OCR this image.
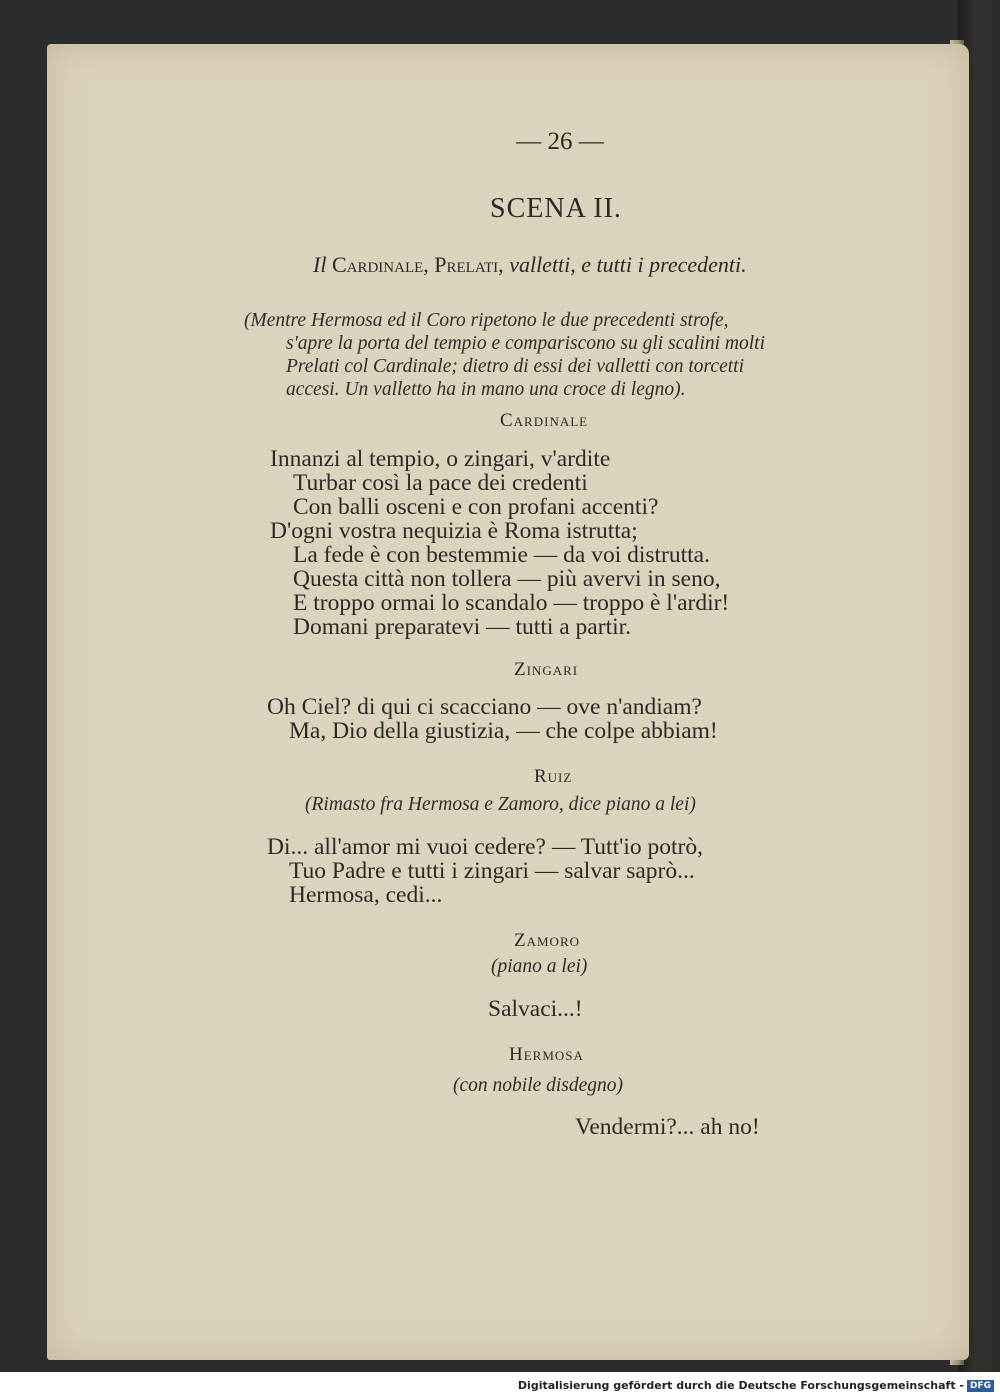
— 26 —
SCENA II.
Il Cardinale, Prelati, valletti, e tutti i precedenti.
(Mentre Hermosa ed il Coro ripetono le due precedenti strofe,
s'apre la porta del tempio e compariscono su gli scalini molti
Prelati col Cardinale; dietro di essi dei valletti con torcetti
accesi. Un valletto ha in mano una croce di legno).
Cardinale
Innanzi al tempio, o zingari, v'ardite
Turbar così la pace dei credenti
Con balli osceni e con profani accenti?
D'ogni vostra nequizia è Roma istrutta;
La fede è con bestemmie — da voi distrutta.
Questa città non tollera — più avervi in seno,
E troppo ormai lo scandalo — troppo è l'ardir!
Domani preparatevi — tutti a partir.
Zingari
Oh Ciel? di qui ci scacciano — ove n'andiam?
Ma, Dio della giustizia, — che colpe abbiam!
Ruiz
(Rimasto fra Hermosa e Zamoro, dice piano a lei)
Di... all'amor mi vuoi cedere? — Tutt'io potrò,
Tuo Padre e tutti i zingari — salvar saprò...
Hermosa, cedi...
Zamoro
(piano a lei)
Salvaci...!
Hermosa
(con nobile disdegno)
Vendermi?... ah no!
Digitalisierung gefördert durch die Deutsche Forschungsgemeinschaft - DFG
